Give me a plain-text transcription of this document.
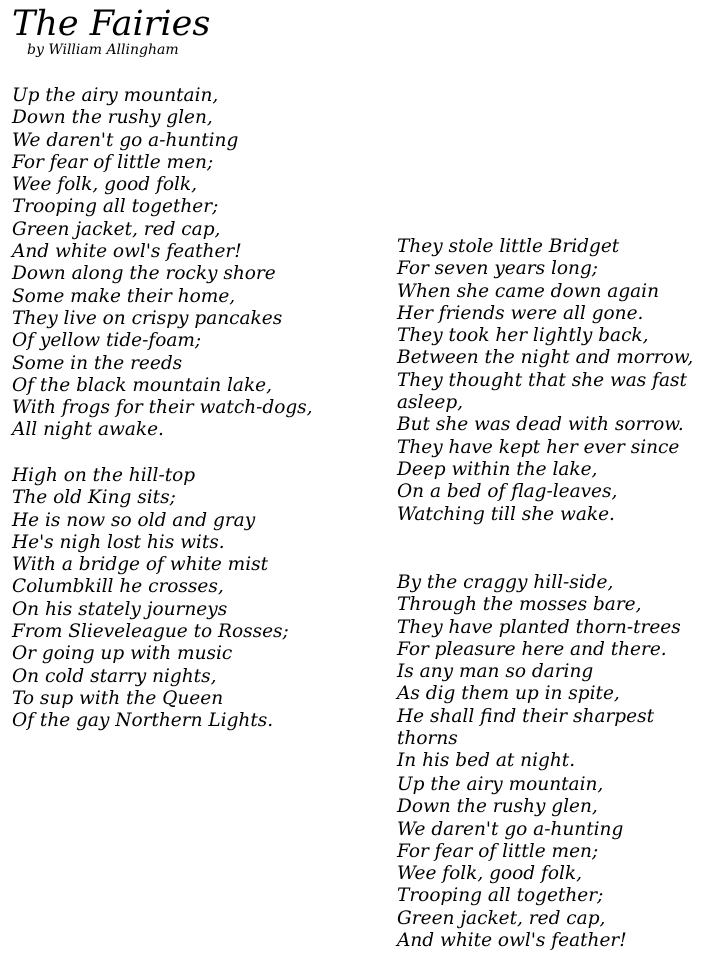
The Fairies
by William Allingham
Up the airy mountain,
Down the rushy glen,
We daren't go a-hunting
For fear of little men;
Wee folk, good folk,
Trooping all together;
Green jacket, red cap,
And white owl's feather!
Down along the rocky shore
Some make their home,
They live on crispy pancakes
Of yellow tide-foam;
Some in the reeds
Of the black mountain lake,
With frogs for their watch-dogs,
All night awake.
High on the hill-top
The old King sits;
He is now so old and gray
He's nigh lost his wits.
With a bridge of white mist
Columbkill he crosses,
On his stately journeys
From Slieveleague to Rosses;
Or going up with music
On cold starry nights,
To sup with the Queen
Of the gay Northern Lights.
They stole little Bridget
For seven years long;
When she came down again
Her friends were all gone.
They took her lightly back,
Between the night and morrow,
They thought that she was fast asleep,
But she was dead with sorrow.
They have kept her ever since
Deep within the lake,
On a bed of flag-leaves,
Watching till she wake.
By the craggy hill-side,
Through the mosses bare,
They have planted thorn-trees
For pleasure here and there.
Is any man so daring
As dig them up in spite,
He shall find their sharpest thorns
In his bed at night.
Up the airy mountain,
Down the rushy glen,
We daren't go a-hunting
For fear of little men;
Wee folk, good folk,
Trooping all together;
Green jacket, red cap,
And white owl's feather!
